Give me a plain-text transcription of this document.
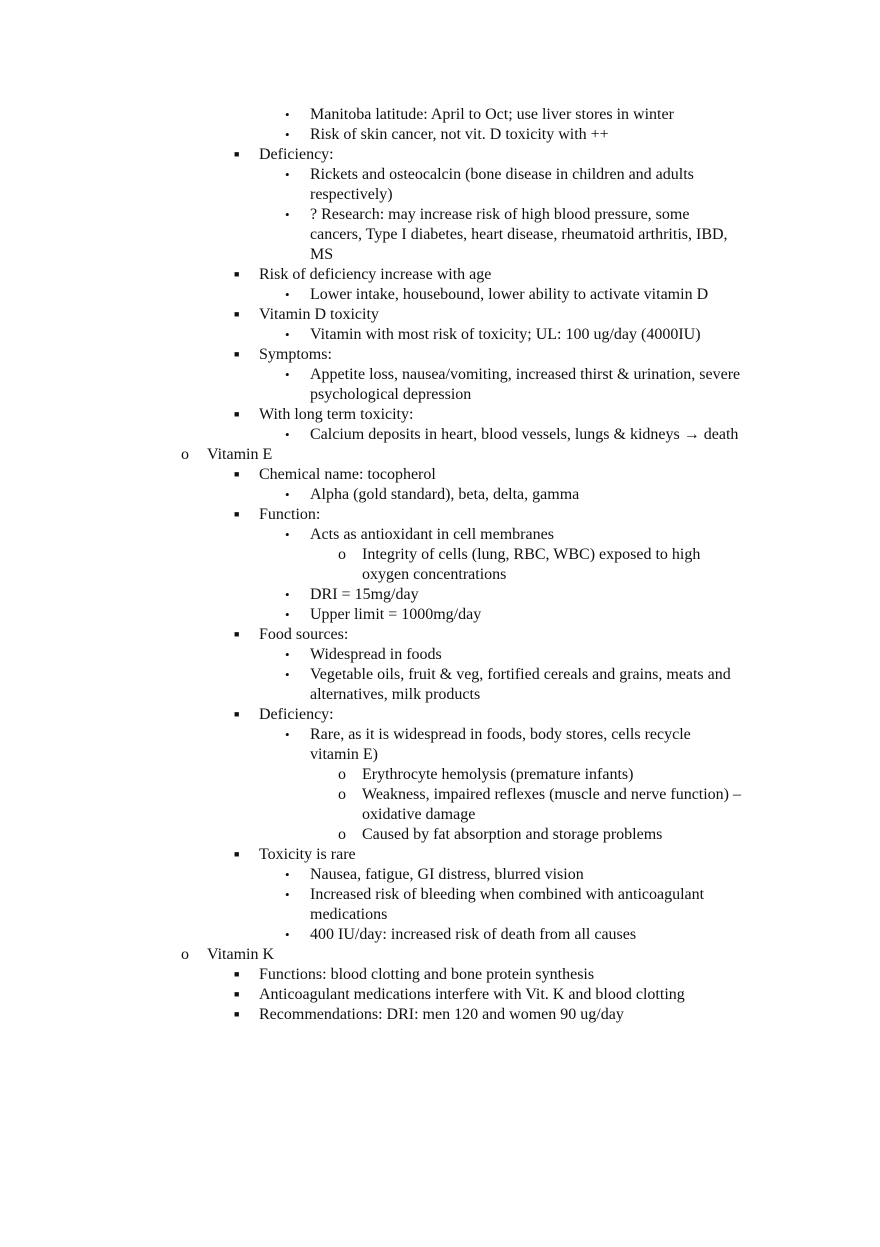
• Manitoba latitude: April to Oct; use liver stores in winter
• Risk of skin cancer, not vit. D toxicity with ++
■ Deficiency:
• Rickets and osteocalcin (bone disease in children and adults
respectively)
• ? Research: may increase risk of high blood pressure, some
cancers, Type I diabetes, heart disease, rheumatoid arthritis, IBD,
MS
■ Risk of deficiency increase with age
• Lower intake, housebound, lower ability to activate vitamin D
■ Vitamin D toxicity
• Vitamin with most risk of toxicity; UL: 100 ug/day (4000IU)
■ Symptoms:
• Appetite loss, nausea/vomiting, increased thirst & urination, severe
psychological depression
■ With long term toxicity:
• Calcium deposits in heart, blood vessels, lungs & kidneys → death
o Vitamin E
■ Chemical name: tocopherol
• Alpha (gold standard), beta, delta, gamma
■ Function:
• Acts as antioxidant in cell membranes
o Integrity of cells (lung, RBC, WBC) exposed to high
oxygen concentrations
• DRI = 15mg/day
• Upper limit = 1000mg/day
■ Food sources:
• Widespread in foods
• Vegetable oils, fruit & veg, fortified cereals and grains, meats and
alternatives, milk products
■ Deficiency:
• Rare, as it is widespread in foods, body stores, cells recycle
vitamin E)
o Erythrocyte hemolysis (premature infants)
o Weakness, impaired reflexes (muscle and nerve function) –
oxidative damage
o Caused by fat absorption and storage problems
■ Toxicity is rare
• Nausea, fatigue, GI distress, blurred vision
• Increased risk of bleeding when combined with anticoagulant
medications
• 400 IU/day: increased risk of death from all causes
o Vitamin K
■ Functions: blood clotting and bone protein synthesis
■ Anticoagulant medications interfere with Vit. K and blood clotting
■ Recommendations: DRI: men 120 and women 90 ug/day
